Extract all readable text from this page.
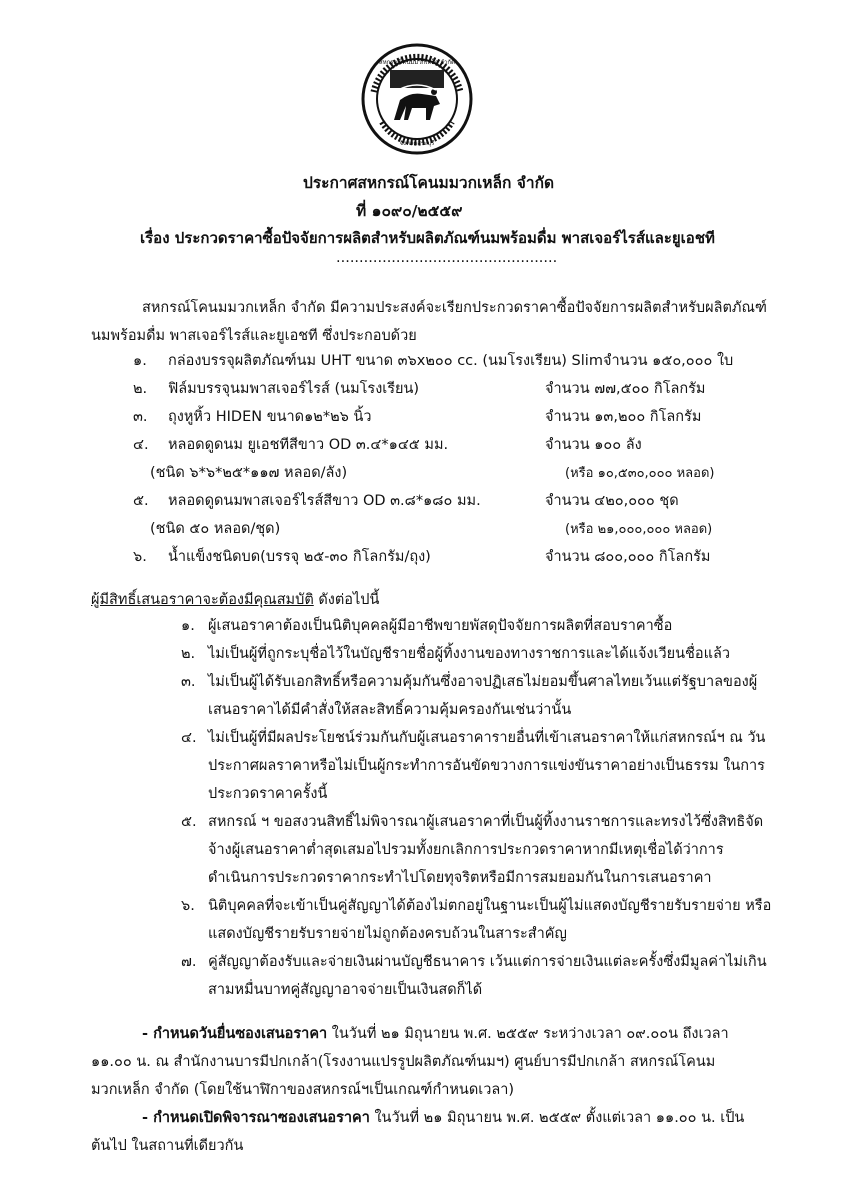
จังหวัดสระบุรี
สหกรณ์โคนมมวกเหล็ก จำกัด
ประกาศสหกรณ์โคนมมวกเหล็ก จำกัด
ที่ ๑๐๙๐/๒๕๕๙
เรื่อง ประกวดราคาซื้อปัจจัยการผลิตสำหรับผลิตภัณฑ์นมพร้อมดื่ม พาสเจอร์ไรส์และยูเอชที
................................................
สหกรณ์โคนมมวกเหล็ก จำกัด มีความประสงค์จะเรียกประกวดราคาซื้อปัจจัยการผลิตสำหรับผลิตภัณฑ์
นมพร้อมดื่ม พาสเจอร์ไรส์และยูเอชที ซึ่งประกอบด้วย
๑. กล่องบรรจุผลิตภัณฑ์นม UHT ขนาด ๓๖x๒๐๐ cc. (นมโรงเรียน) Slimจำนวน ๑๕๐,๐๐๐ ใบ
๒. ฟิล์มบรรจุนมพาสเจอร์ไรส์ (นมโรงเรียน)	จำนวน ๗๗,๕๐๐ กิโลกรัม
๓. ถุงหูหิ้ว HIDEN ขนาด๑๒*๒๖ นิ้ว	จำนวน ๑๓,๒๐๐ กิโลกรัม
๔. หลอดดูดนม ยูเอชทีสีขาว OD ๓.๔*๑๔๕ มม.	จำนวน ๑๐๐ ลัง
(ชนิด ๖*๖*๒๕*๑๑๗ หลอด/ลัง)	(หรือ ๑๐,๕๓๐,๐๐๐ หลอด)
๕. หลอดดูดนมพาสเจอร์ไรส์สีขาว OD ๓.๘*๑๘๐ มม.	จำนวน ๔๒๐,๐๐๐ ชุด
(ชนิด ๕๐ หลอด/ชุด)	(หรือ ๒๑,๐๐๐,๐๐๐ หลอด)
๖. น้ำแข็งชนิดบด(บรรจุ ๒๕-๓๐ กิโลกรัม/ถุง)	จำนวน ๘๐๐,๐๐๐ กิโลกรัม
ผู้มีสิทธิ์เสนอราคาจะต้องมีคุณสมบัติ ดังต่อไปนี้
๑. ผู้เสนอราคาต้องเป็นนิติบุคคลผู้มีอาชีพขายพัสดุปัจจัยการผลิตที่สอบราคาซื้อ
๒. ไม่เป็นผู้ที่ถูกระบุชื่อไว้ในบัญชีรายชื่อผู้ทิ้งงานของทางราชการและได้แจ้งเวียนชื่อแล้ว
๓. ไม่เป็นผู้ได้รับเอกสิทธิ์หรือความคุ้มกันซึ่งอาจปฏิเสธไม่ยอมขึ้นศาลไทยเว้นแต่รัฐบาลของผู้
เสนอราคาได้มีคำสั่งให้สละสิทธิ์ความคุ้มครองกันเช่นว่านั้น
๔. ไม่เป็นผู้ที่มีผลประโยชน์ร่วมกันกับผู้เสนอราคารายอื่นที่เข้าเสนอราคาให้แก่สหกรณ์ฯ ณ วัน
ประกาศผลราคาหรือไม่เป็นผู้กระทำการอันขัดขวางการแข่งขันราคาอย่างเป็นธรรม ในการ
ประกวดราคาครั้งนี้
๕. สหกรณ์ ฯ ขอสงวนสิทธิ์ไม่พิจารณาผู้เสนอราคาที่เป็นผู้ทิ้งงานราชการและทรงไว้ซึ่งสิทธิจัด
จ้างผู้เสนอราคาต่ำสุดเสมอไปรวมทั้งยกเลิกการประกวดราคาหากมีเหตุเชื่อได้ว่าการ
ดำเนินการประกวดราคากระทำไปโดยทุจริตหรือมีการสมยอมกันในการเสนอราคา
๖. นิติบุคคลที่จะเข้าเป็นคู่สัญญาได้ต้องไม่ตกอยู่ในฐานะเป็นผู้ไม่แสดงบัญชีรายรับรายจ่าย หรือ
แสดงบัญชีรายรับรายจ่ายไม่ถูกต้องครบถ้วนในสาระสำคัญ
๗. คู่สัญญาต้องรับและจ่ายเงินผ่านบัญชีธนาคาร เว้นแต่การจ่ายเงินแต่ละครั้งซึ่งมีมูลค่าไม่เกิน
สามหมื่นบาทคู่สัญญาอาจจ่ายเป็นเงินสดก็ได้
- กำหนดวันยื่นซองเสนอราคา ในวันที่ ๒๑ มิถุนายน พ.ศ. ๒๕๕๙ ระหว่างเวลา ๐๙.๐๐น ถึงเวลา
๑๑.๐๐ น. ณ สำนักงานบารมีปกเกล้า(โรงงานแปรรูปผลิตภัณฑ์นมฯ) ศูนย์บารมีปกเกล้า สหกรณ์โคนม
มวกเหล็ก จำกัด (โดยใช้นาฬิกาของสหกรณ์ฯเป็นเกณฑ์กำหนดเวลา)
- กำหนดเปิดพิจารณาซองเสนอราคา ในวันที่ ๒๑ มิถุนายน พ.ศ. ๒๕๕๙ ตั้งแต่เวลา ๑๑.๐๐ น. เป็น
ต้นไป ในสถานที่เดียวกัน
